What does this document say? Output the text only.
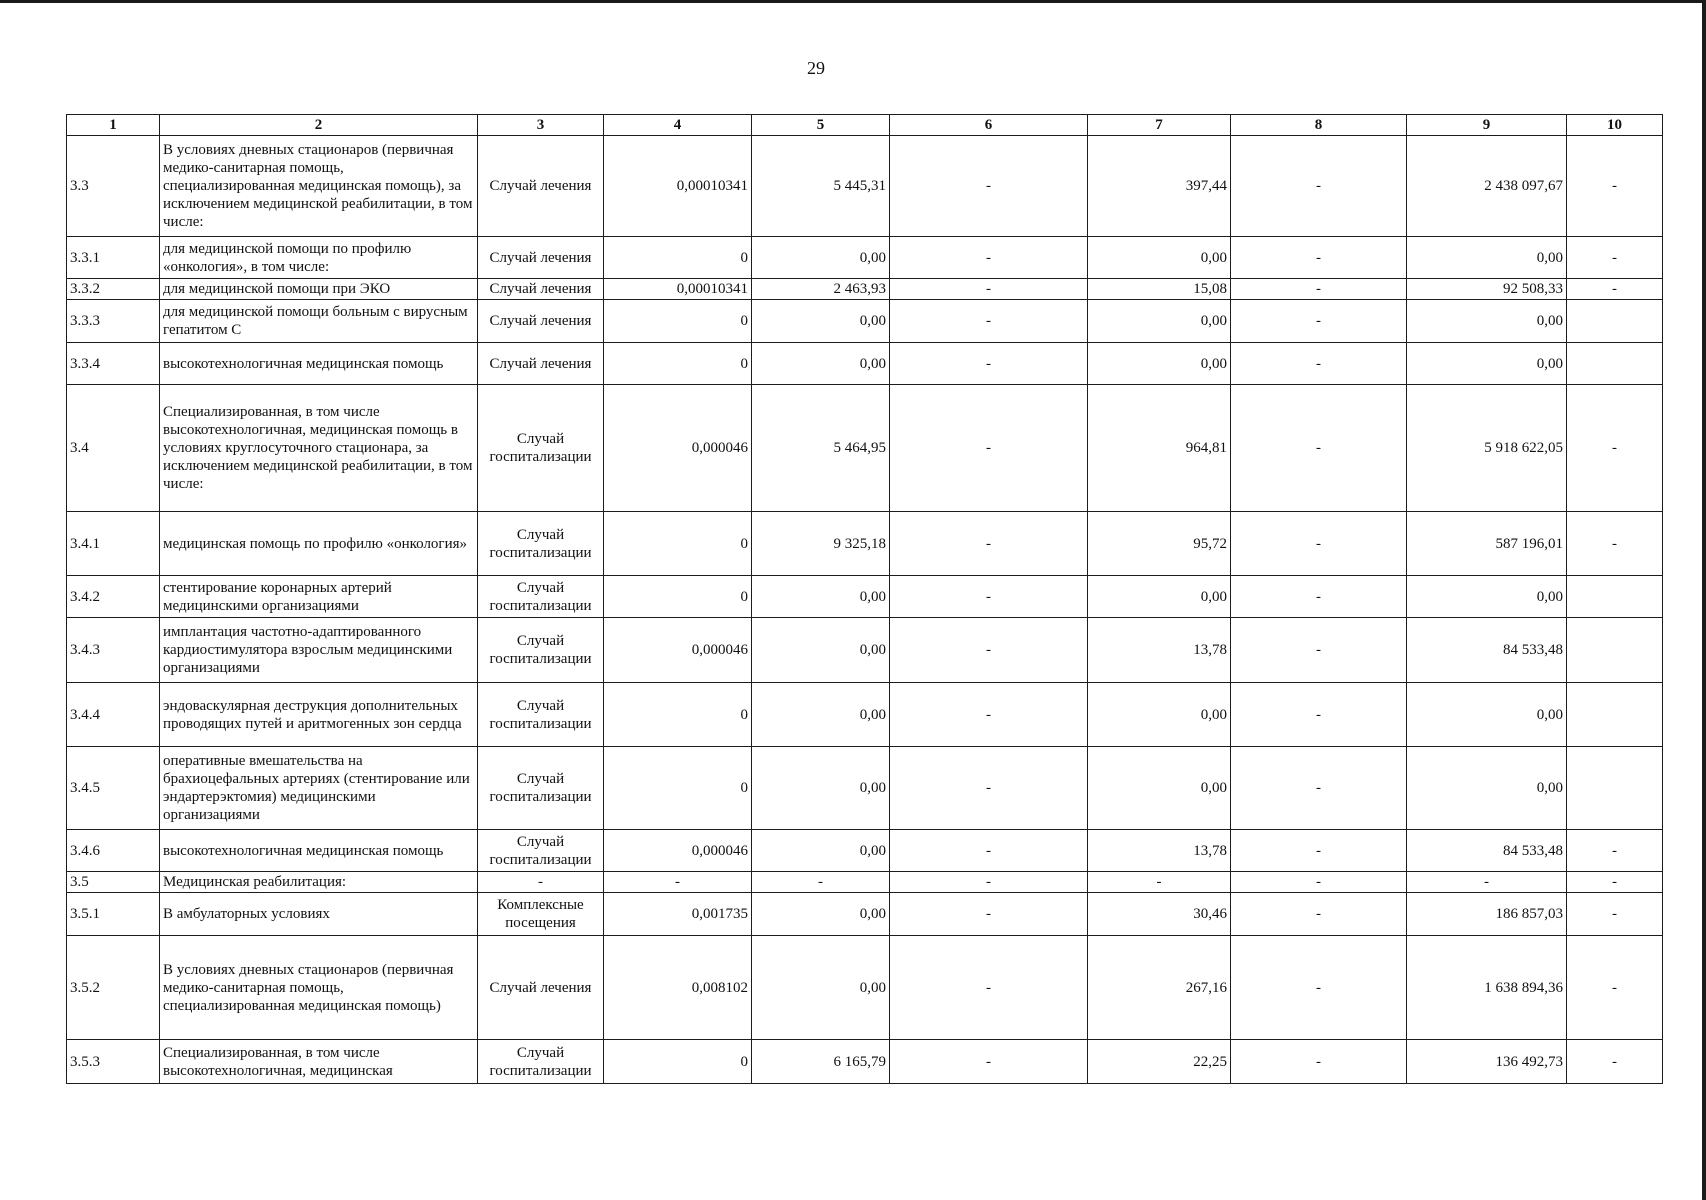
29
1	2	3	4	5	6	7	8	9	10
3.3	В условиях дневных стационаров (первичная медико-санитарная помощь, специализированная медицинская помощь), за исключением медицинской реабилитации, в том числе:	Случай лечения	0,00010341	5 445,31	-	397,44	-	2 438 097,67	-
3.3.1	для медицинской помощи по профилю «онкология», в том числе:	Случай лечения	0	0,00	-	0,00	-	0,00	-
3.3.2	для медицинской помощи при ЭКО	Случай лечения	0,00010341	2 463,93	-	15,08	-	92 508,33	-
3.3.3	для медицинской помощи больным с вирусным гепатитом С	Случай лечения	0	0,00	-	0,00	-	0,00	
3.3.4	высокотехнологичная медицинская помощь	Случай лечения	0	0,00	-	0,00	-	0,00	
3.4	Специализированная, в том числе высокотехнологичная, медицинская помощь в условиях круглосуточного стационара, за исключением медицинской реабилитации, в том числе:	Случай госпитализации	0,000046	5 464,95	-	964,81	-	5 918 622,05	-
3.4.1	медицинская помощь по профилю «онкология»	Случай госпитализации	0	9 325,18	-	95,72	-	587 196,01	-
3.4.2	стентирование коронарных артерий медицинскими организациями	Случай госпитализации	0	0,00	-	0,00	-	0,00	
3.4.3	имплантация частотно-адаптированного кардиостимулятора взрослым медицинскими организациями	Случай госпитализации	0,000046	0,00	-	13,78	-	84 533,48	
3.4.4	эндоваскулярная деструкция дополнительных проводящих путей и аритмогенных зон сердца	Случай госпитализации	0	0,00	-	0,00	-	0,00	
3.4.5	оперативные вмешательства на брахиоцефальных артериях (стентирование или эндартерэктомия) медицинскими организациями	Случай госпитализации	0	0,00	-	0,00	-	0,00	
3.4.6	высокотехнологичная медицинская помощь	Случай госпитализации	0,000046	0,00	-	13,78	-	84 533,48	-
3.5	Медицинская реабилитация:	-	-	-	-	-	-	-	-
3.5.1	В амбулаторных условиях	Комплексные посещения	0,001735	0,00	-	30,46	-	186 857,03	-
3.5.2	В условиях дневных стационаров (первичная медико-санитарная помощь, специализированная медицинская помощь)	Случай лечения	0,008102	0,00	-	267,16	-	1 638 894,36	-
3.5.3	Специализированная, в том числе высокотехнологичная, медицинская	Случай госпитализации	0	6 165,79	-	22,25	-	136 492,73	-
